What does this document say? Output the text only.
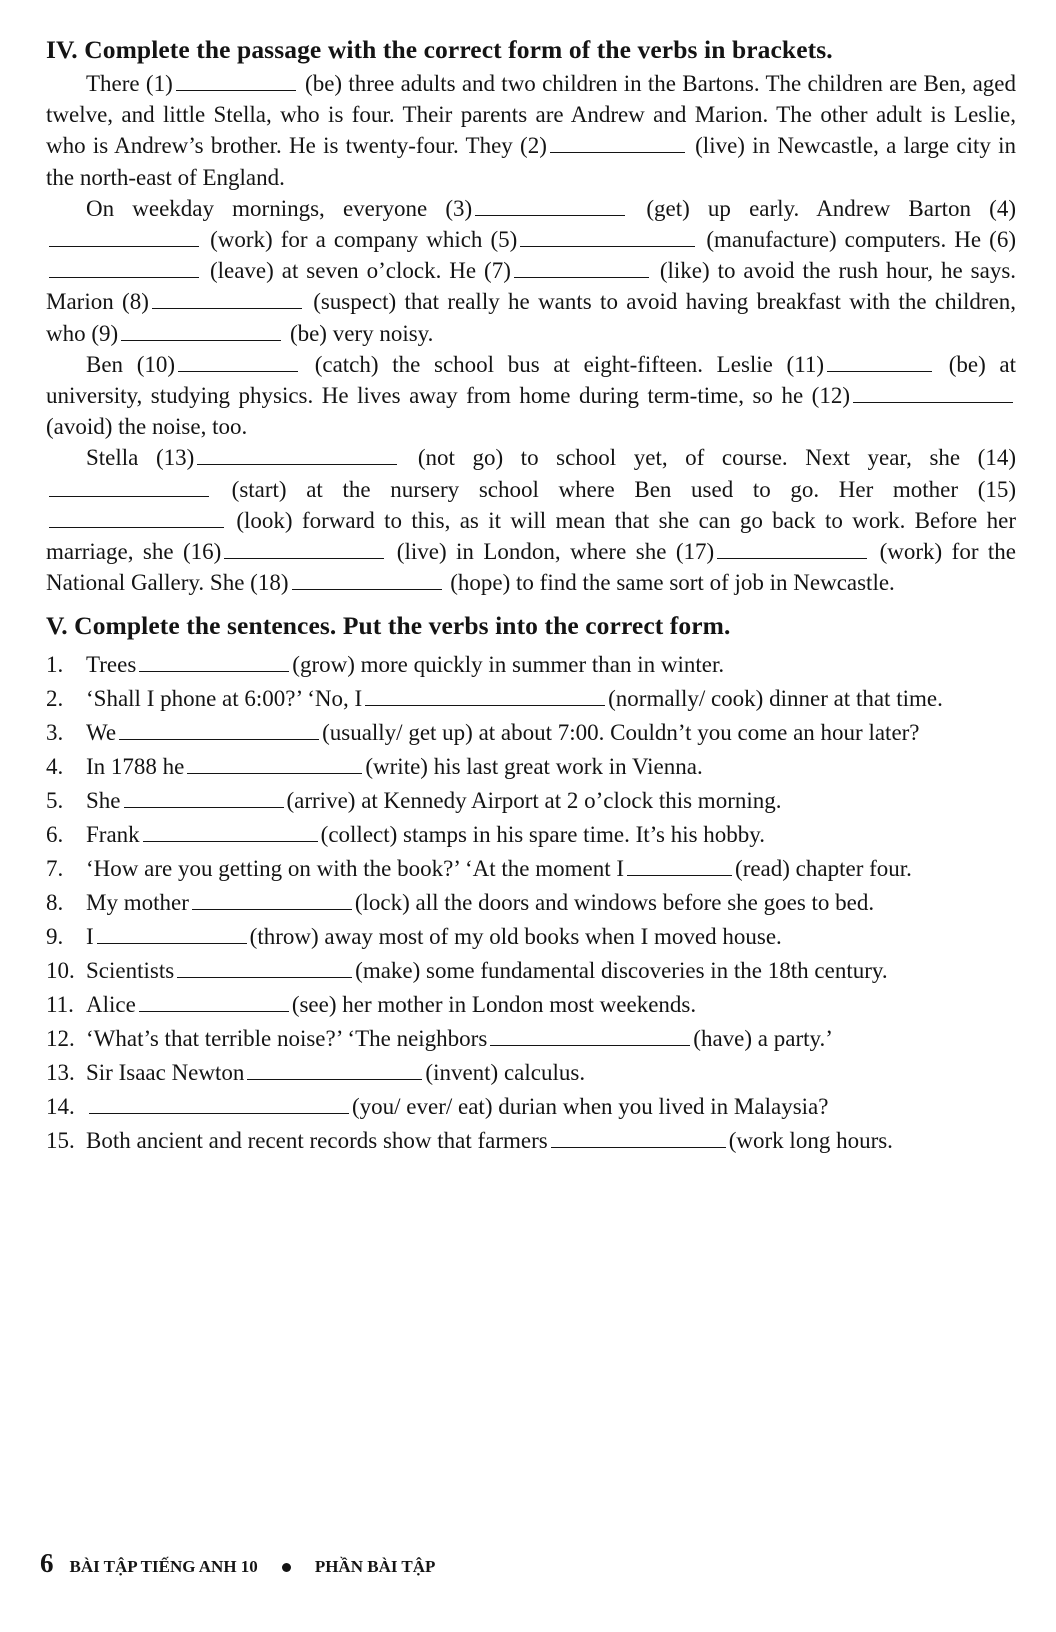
IV. Complete the passage with the correct form of the verbs in brackets.

There (1)	(be) three adults and two children in the Bartons. The children are Ben, aged twelve, and little Stella, who is four. Their parents are Andrew and Marion. The other adult is Leslie, who is Andrew’s brother. He is twenty-four. They (2)	(live) in Newcastle, a large city in the north-east of England.

On weekday mornings, everyone (3)	(get) up early. Andrew Barton (4) (work) for a company which (5)	(manufacture) computers. He (6) (leave) at seven o’clock. He (7)	(like) to avoid the rush hour, he says. Marion (8)	(suspect) that really he wants to avoid having breakfast with the children, who (9)	(be) very noisy.

Ben (10)	(catch) the school bus at eight-fifteen. Leslie (11)	(be) at university, studying physics. He lives away from home during term-time, so he (12) (avoid) the noise, too.

Stella (13)	(not go) to school yet, of course. Next year, she (14) (start) at the nursery school where Ben used to go. Her mother (15) (look) forward to this, as it will mean that she can go back to work. Before her marriage, she (16)	(live) in London, where she (17)	(work) for the National Gallery. She (18)	(hope) to find the same sort of job in Newcastle.

V. Complete the sentences. Put the verbs into the correct form.
1. Trees	(grow) more quickly in summer than in winter.
2. ‘Shall I phone at 6:00?’ ‘No, I	(normally/ cook) dinner at that time.
3. We	(usually/ get up) at about 7:00. Couldn’t you come an hour later?
4. In 1788 he	(write) his last great work in Vienna.
5. She	(arrive) at Kennedy Airport at 2 o’clock this morning.
6. Frank	(collect) stamps in his spare time. It’s his hobby.
7. ‘How are you getting on with the book?’ ‘At the moment I	(read) chapter four.
8. My mother	(lock) all the doors and windows before she goes to bed.
9. I	(throw) away most of my old books when I moved house.
10. Scientists	(make) some fundamental discoveries in the 18th century.
11. Alice	(see) her mother in London most weekends.
12. ‘What’s that terrible noise?’ ‘The neighbors	(have) a party.’
13. Sir Isaac Newton	(invent) calculus.
14.	(you/ ever/ eat) durian when you lived in Malaysia?
15. Both ancient and recent records show that farmers	(work long hours.
6 BÀI TẬP TIẾNG ANH 10	PHẦN BÀI TẬP
